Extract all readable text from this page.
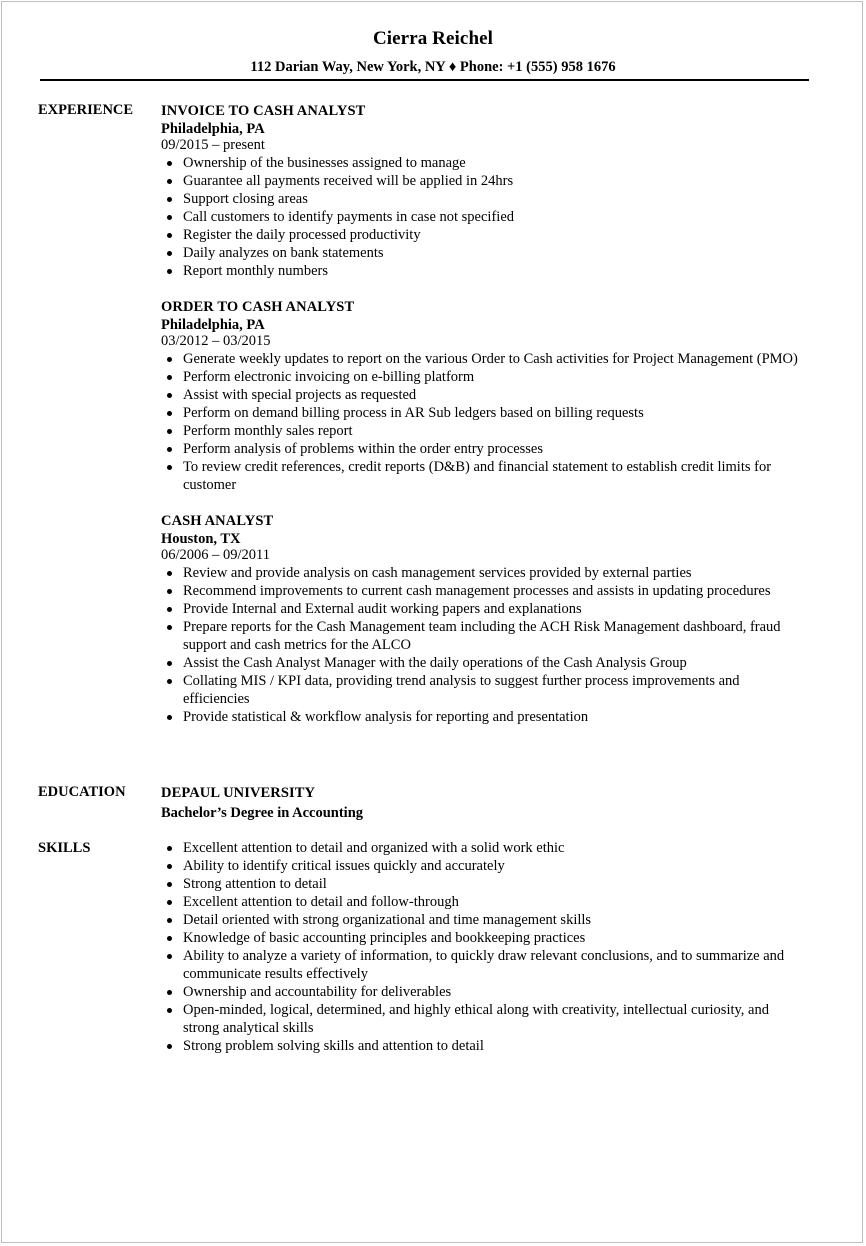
Cierra Reichel
112 Darian Way, New York, NY ♦ Phone: +1 (555) 958 1676
EXPERIENCE INVOICE TO CASH ANALYST
Philadelphia, PA
09/2015 – present
Ownership of the businesses assigned to manage
Guarantee all payments received will be applied in 24hrs
Support closing areas
Call customers to identify payments in case not specified
Register the daily processed productivity
Daily analyzes on bank statements
Report monthly numbers
ORDER TO CASH ANALYST
Philadelphia, PA
03/2012 – 03/2015
Generate weekly updates to report on the various Order to Cash activities for Project Management (PMO)
Perform electronic invoicing on e-billing platform
Assist with special projects as requested
Perform on demand billing process in AR Sub ledgers based on billing requests
Perform monthly sales report
Perform analysis of problems within the order entry processes
To review credit references, credit reports (D&B) and financial statement to establish credit limits for customer
CASH ANALYST
Houston, TX
06/2006 – 09/2011
Review and provide analysis on cash management services provided by external parties
Recommend improvements to current cash management processes and assists in updating procedures
Provide Internal and External audit working papers and explanations
Prepare reports for the Cash Management team including the ACH Risk Management dashboard, fraud support and cash metrics for the ALCO
Assist the Cash Analyst Manager with the daily operations of the Cash Analysis Group
Collating MIS / KPI data, providing trend analysis to suggest further process improvements and efficiencies
Provide statistical & workflow analysis for reporting and presentation
EDUCATION DEPAUL UNIVERSITY
Bachelor’s Degree in Accounting
SKILLS	Excellent attention to detail and organized with a solid work ethic
Ability to identify critical issues quickly and accurately
Strong attention to detail
Excellent attention to detail and follow-through
Detail oriented with strong organizational and time management skills
Knowledge of basic accounting principles and bookkeeping practices
Ability to analyze a variety of information, to quickly draw relevant conclusions, and to summarize and communicate results effectively
Ownership and accountability for deliverables
Open-minded, logical, determined, and highly ethical along with creativity, intellectual curiosity, and strong analytical skills
Strong problem solving skills and attention to detail
